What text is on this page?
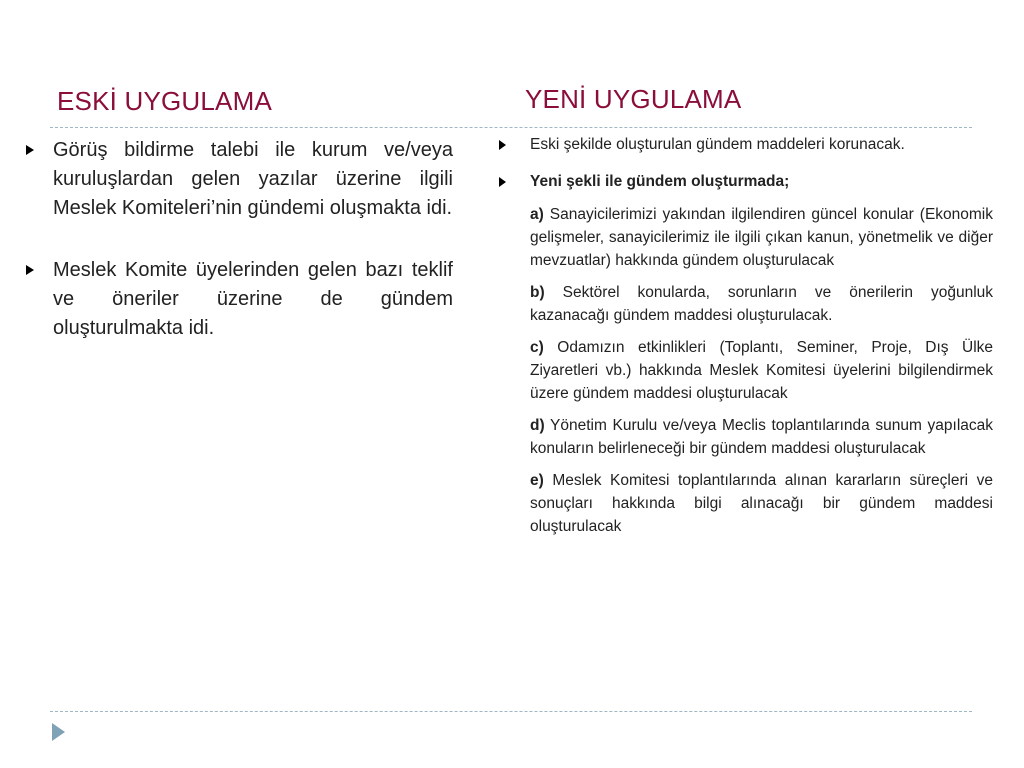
ESKİ UYGULAMA	YENİ UYGULAMA

Görüş bildirme talebi ile kurum ve/veya kuruluşlardan gelen yazılar üzerine ilgili Meslek Komiteleri’nin gündemi oluşmakta idi.

Meslek Komite üyelerinden gelen bazı teklif ve öneriler üzerine de gündem oluşturulmakta idi.

Eski şekilde oluşturulan gündem maddeleri korunacak.

Yeni şekli ile gündem oluşturmada;

a) Sanayicilerimizi yakından ilgilendiren güncel konular (Ekonomik gelişmeler, sanayicilerimiz ile ilgili çıkan kanun, yönetmelik ve diğer mevzuatlar) hakkında gündem oluşturulacak

b) Sektörel konularda, sorunların ve önerilerin yoğunluk kazanacağı gündem maddesi oluşturulacak.

c) Odamızın etkinlikleri (Toplantı, Seminer, Proje, Dış Ülke Ziyaretleri vb.) hakkında Meslek Komitesi üyelerini bilgilendirmek üzere gündem maddesi oluşturulacak

d) Yönetim Kurulu ve/veya Meclis toplantılarında sunum yapılacak konuların belirleneceği bir gündem maddesi oluşturulacak

e) Meslek Komitesi toplantılarında alınan kararların süreçleri ve sonuçları hakkında bilgi alınacağı bir gündem maddesi oluşturulacak
